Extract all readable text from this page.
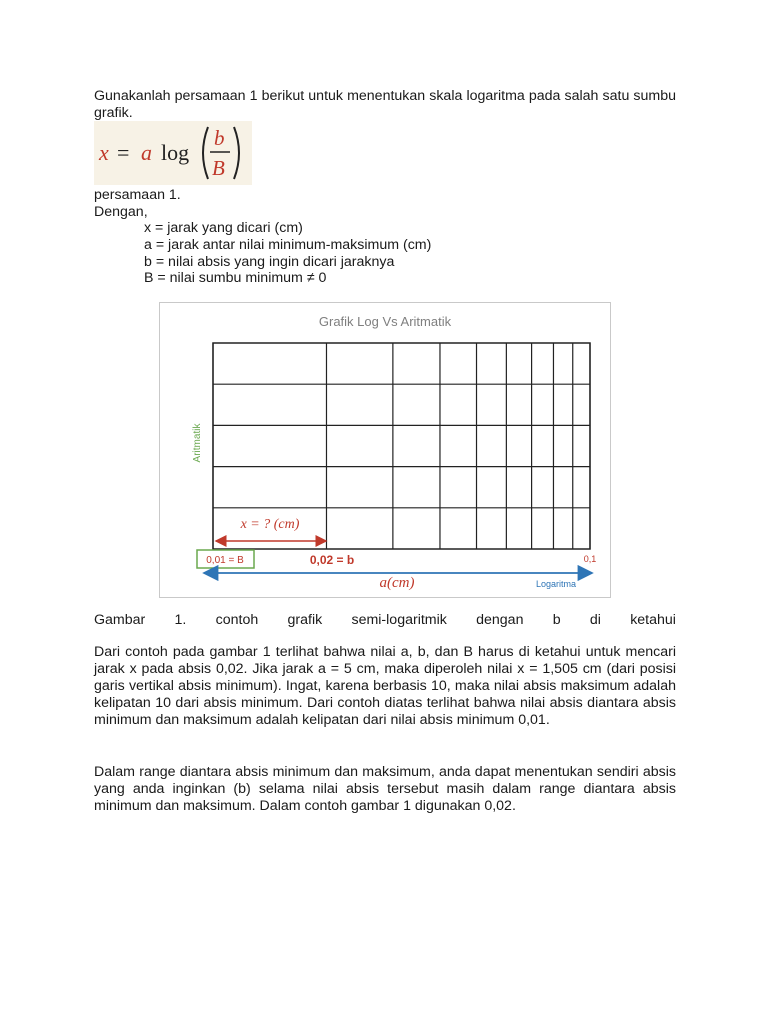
Gunakanlah persamaan 1 berikut untuk menentukan skala logaritma pada salah satu sumbu grafik.

x = a log
b
B

persamaan 1.

Dengan,

x = jarak yang dicari (cm)

a = jarak antar nilai minimum-maksimum (cm)

b = nilai absis yang ingin dicari jaraknya

B = nilai sumbu minimum ≠ 0

Grafik Log Vs Aritmatik
Aritmatik
x = ? (cm)
0,01 = B	0,02 = b	0,1
a(cm)	Logaritma
Gambar 1. contoh grafik semi-logaritmik dengan b di ketahui

Dari contoh pada gambar 1 terlihat bahwa nilai a, b, dan B harus di ketahui untuk mencari jarak x pada absis 0,02. Jika jarak a = 5 cm, maka diperoleh nilai x = 1,505 cm (dari posisi garis vertikal absis minimum). Ingat, karena berbasis 10, maka nilai absis maksimum adalah kelipatan 10 dari absis minimum. Dari contoh diatas terlihat bahwa nilai absis diantara absis minimum dan maksimum adalah kelipatan dari nilai absis minimum 0,01.

Dalam range diantara absis minimum dan maksimum, anda dapat menentukan sendiri absis yang anda inginkan (b) selama nilai absis tersebut masih dalam range diantara absis minimum dan maksimum. Dalam contoh gambar 1 digunakan 0,02.
